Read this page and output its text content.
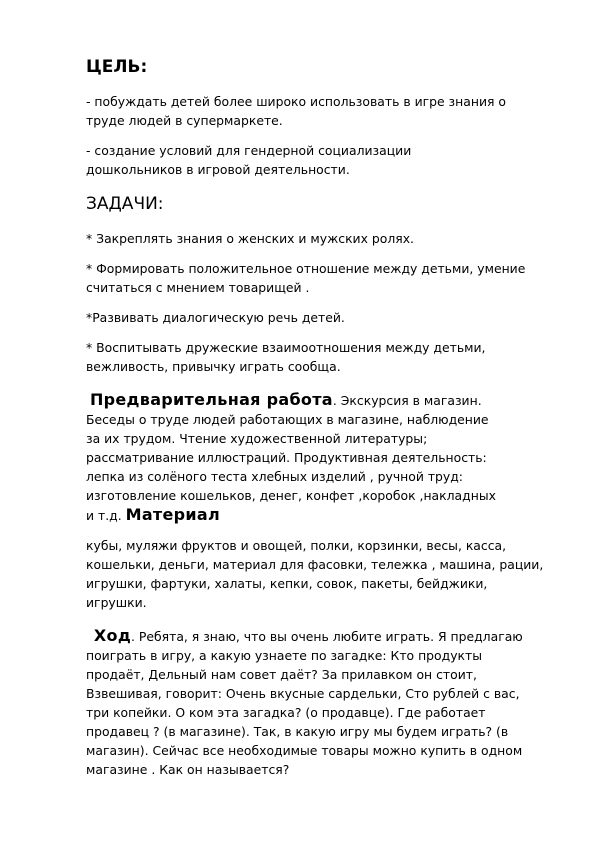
ЦЕЛЬ:

- побуждать детей более широко использовать в игре знания о труде людей в супермаркете.

- создание условий для гендерной социализации дошкольников в игровой деятельности.

ЗАДАЧИ:

* Закреплять знания о женских и мужских ролях.

* Формировать положительное отношение между детьми, умение считаться с мнением товарищей .

*Развивать диалогическую речь детей.

* Воспитывать дружеские взаимоотношения между детьми, вежливость, привычку играть сообща.

Предварительная работа. Экскурсия в магазин. Беседы о труде людей работающих в магазине, наблюдение за их трудом. Чтение художественной литературы; рассматривание иллюстраций. Продуктивная деятельность: лепка из солёного теста хлебных изделий , ручной труд: изготовление кошельков, денег, конфет ,коробок ,накладных и т.д. Материал

кубы, муляжи фруктов и овощей, полки, корзинки, весы, касса, кошельки, деньги, материал для фасовки, тележка , машина, рации, игрушки, фартуки, халаты, кепки, совок, пакеты, бейджики, игрушки.

Ход. Ребята, я знаю, что вы очень любите играть. Я предлагаю поиграть в игру, а какую узнаете по загадке: Кто продукты продаёт, Дельный нам совет даёт? За прилавком он стоит, Взвешивая, говорит: Очень вкусные сардельки, Сто рублей с вас, три копейки. О ком эта загадка? (о продавце). Где работает продавец ? (в магазине). Так, в какую игру мы будем играть? (в магазин). Сейчас все необходимые товары можно купить в одном магазине . Как он называется?
